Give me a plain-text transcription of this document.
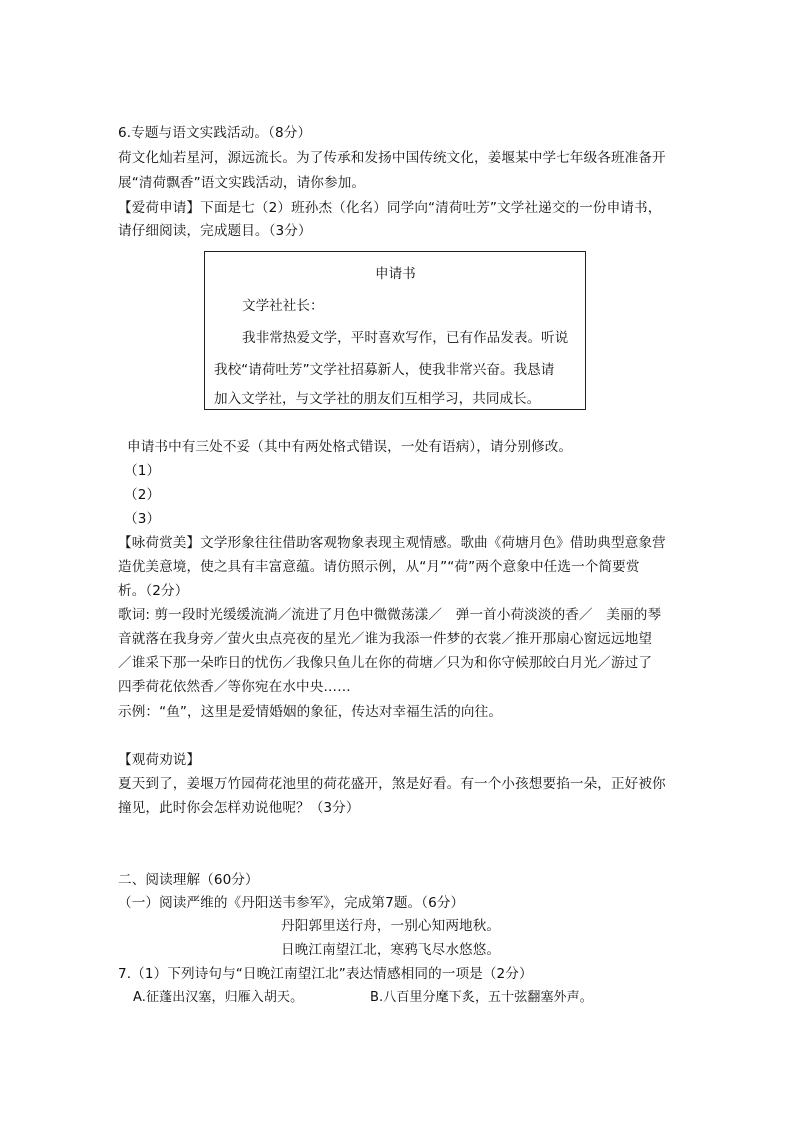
6.专题与语文实践活动。（8分）
荷文化灿若星河，源远流长。为了传承和发扬中国传统文化，姜堰某中学七年级各班准备开
展“清荷飘香”语文实践活动，请你参加。
【爱荷申请】下面是七（2）班孙杰（化名）同学向“清荷吐芳”文学社递交的一份申请书，
请仔细阅读，完成题目。（3分）
申请书
文学社社长：
我非常热爱文学，平时喜欢写作，已有作品发表。听说
我校“请荷吐芳”文学社招募新人，使我非常兴奋。我恳请
加入文学社，与文学社的朋友们互相学习，共同成长。
申请书中有三处不妥（其中有两处格式错误，一处有语病），请分别修改。
（1）
（2）
（3）
【咏荷赏美】文学形象往往借助客观物象表现主观情感。歌曲《荷塘月色》借助典型意象营
造优美意境，使之具有丰富意蕴。请仿照示例，从“月”“荷”两个意象中任选一个简要赏
析。（2分）
歌词: 剪一段时光缓缓流淌／流进了月色中微微荡漾／　弹一首小荷淡淡的香／　美丽的琴
音就落在我身旁／萤火虫点亮夜的星光／谁为我添一件梦的衣裳／推开那扇心窗远远地望
／谁采下那一朵昨日的忧伤／我像只鱼儿在你的荷塘／只为和你守候那皎白月光／游过了
四季荷花依然香／等你宛在水中央……
示例：“鱼”，这里是爱情婚姻的象征，传达对幸福生活的向往。
【观荷劝说】
夏天到了，姜堰万竹园荷花池里的荷花盛开，煞是好看。有一个小孩想要掐一朵，正好被你
撞见，此时你会怎样劝说他呢？（3分）
二、阅读理解（60分）
（一）阅读严维的《丹阳送韦参军》，完成第7题。（6分）
丹阳郭里送行舟，一别心知两地秋。
日晚江南望江北，寒鸦飞尽水悠悠。
7.（1）下列诗句与“日晚江南望江北”表达情感相同的一项是（2分）
A.征蓬出汉塞，归雁入胡天。	B.八百里分麾下炙，五十弦翻塞外声。
